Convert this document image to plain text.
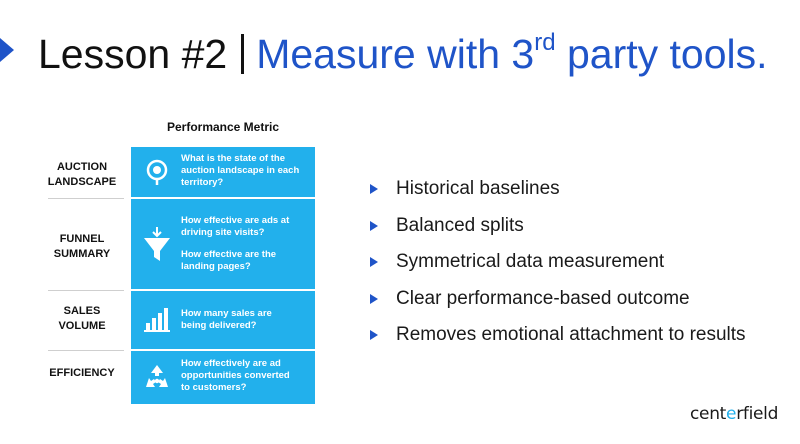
Lesson #2 Measure with 3rd party tools.
Performance Metric
AUCTION
LANDSCAPE
FUNNEL
SUMMARY
SALES
VOLUME
EFFICIENCY
What is the state of the
auction landscape in each
territory?
How effective are ads at
driving site visits?
How effective are the
landing pages?
How many sales are
being delivered?
How effectively are ad
opportunities converted
to customers?
Historical baselines
Balanced splits
Symmetrical data measurement
Clear performance-based outcome
Removes emotional attachment to results
centerfield
